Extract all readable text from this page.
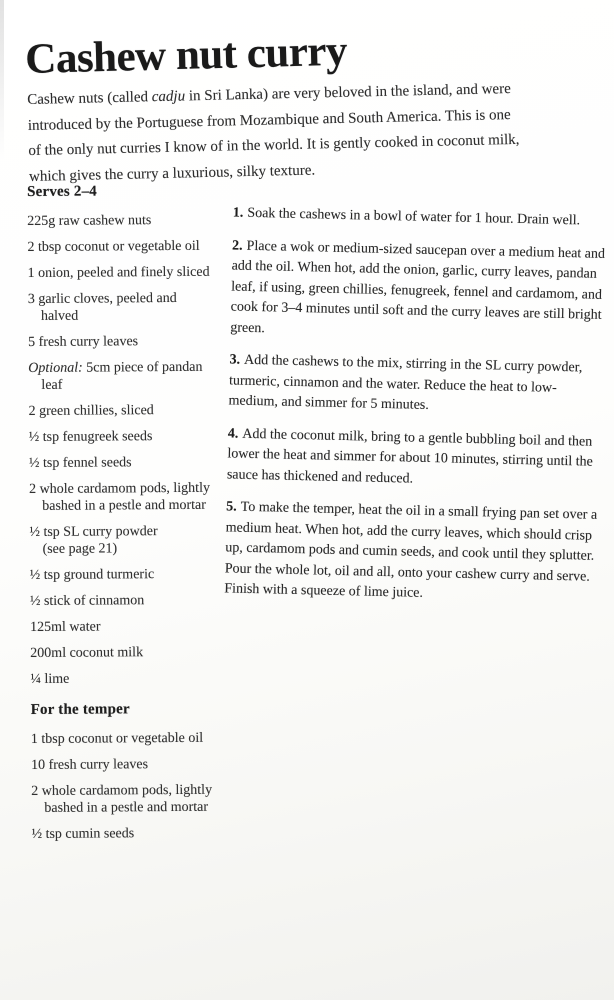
Cashew nut curry
Cashew nuts (called cadju in Sri Lanka) are very beloved in the island, and were
introduced by the Portuguese from Mozambique and South America. This is one
of the only nut curries I know of in the world. It is gently cooked in coconut milk,
which gives the curry a luxurious, silky texture.
Serves 2–4
225g raw cashew nuts
2 tbsp coconut or vegetable oil
1 onion, peeled and finely sliced
3 garlic cloves, peeled and
halved
5 fresh curry leaves
Optional: 5cm piece of pandan
leaf
2 green chillies, sliced
½ tsp fenugreek seeds
½ tsp fennel seeds
2 whole cardamom pods, lightly
bashed in a pestle and mortar
½ tsp SL curry powder
(see page 21)
½ tsp ground turmeric
½ stick of cinnamon
125ml water
200ml coconut milk
¼ lime
For the temper
1 tbsp coconut or vegetable oil
10 fresh curry leaves
2 whole cardamom pods, lightly
bashed in a pestle and mortar
½ tsp cumin seeds

1. Soak the cashews in a bowl of water for 1 hour. Drain well.

2. Place a wok or medium-sized saucepan over a medium heat and add the oil. When hot, add the onion, garlic, curry leaves, pandan leaf, if using, green chillies, fenugreek, fennel and cardamom, and cook for 3–4 minutes until soft and the curry leaves are still bright green.

3. Add the cashews to the mix, stirring in the SL curry powder, turmeric, cinnamon and the water. Reduce the heat to low-medium, and simmer for 5 minutes.

4. Add the coconut milk, bring to a gentle bubbling boil and then lower the heat and simmer for about 10 minutes, stirring until the sauce has thickened and reduced.

5. To make the temper, heat the oil in a small frying pan set over a medium heat. When hot, add the curry leaves, which should crisp up, cardamom pods and cumin seeds, and cook until they splutter. Pour the whole lot, oil and all, onto your cashew curry and serve. Finish with a squeeze of lime juice.
